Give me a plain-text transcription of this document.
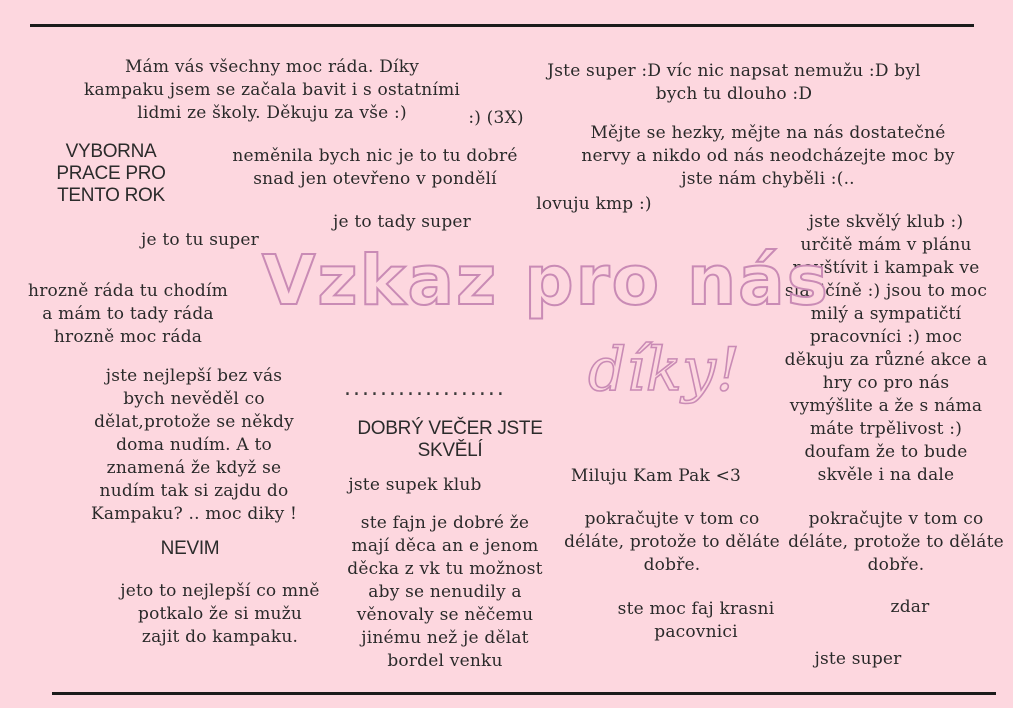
Mám vás všechny moc ráda. Díky
kampaku jsem se začala bavit i s ostatními
lidmi ze školy. Děkuju za vše :)	:) (3X)
Jste super :D víc nic napsat nemužu :D byl
bych tu dlouho :D
Mějte se hezky, mějte na nás dostatečné
nervy a nikdo od nás neodcházejte moc by
jste nám chyběli :(..
VYBORNA
PRACE PRO
TENTO ROK
neměnila bych nic je to tu dobré
snad jen otevřeno v pondělí
lovuju kmp :)
je to tady super
je to tu super
jste skvělý klub :)
určitě mám v plánu
navštívit i kampak ve
slavičíně :) jsou to moc
milý a sympatičtí
pracovníci :) moc
děkuju za různé akce a
hry co pro nás
vymýšlite a že s náma
máte trpělivost :)
doufam že to bude
skvěle i na dale
hrozně ráda tu chodím
a mám to tady ráda
hrozně moc ráda
Vzkaz pro nás
.................. díky!
jste nejlepší bez vás
bych nevěděl co
dělat,protože se někdy
doma nudím. A to
znamená že když se
nudím tak si zajdu do
Kampaku? .. moc diky !
DOBRÝ VEČER JSTE
SKVĚLÍ
jste supek klub	Miluju Kam Pak <3
NEVIM
pokračujte v tom co
déláte, protože to děláte
dobře.
pokračujte v tom co
déláte, protože to děláte
dobře.
ste fajn je dobré že
mají děca an e jenom
děcka z vk tu možnost
aby se nenudily a
věnovaly se něčemu
jinému než je dělat
bordel venku
jeto to nejlepší co mně
potkalo že si mužu
zajit do kampaku.
ste moc faj krasni
pacovnici
zdar
jste super
